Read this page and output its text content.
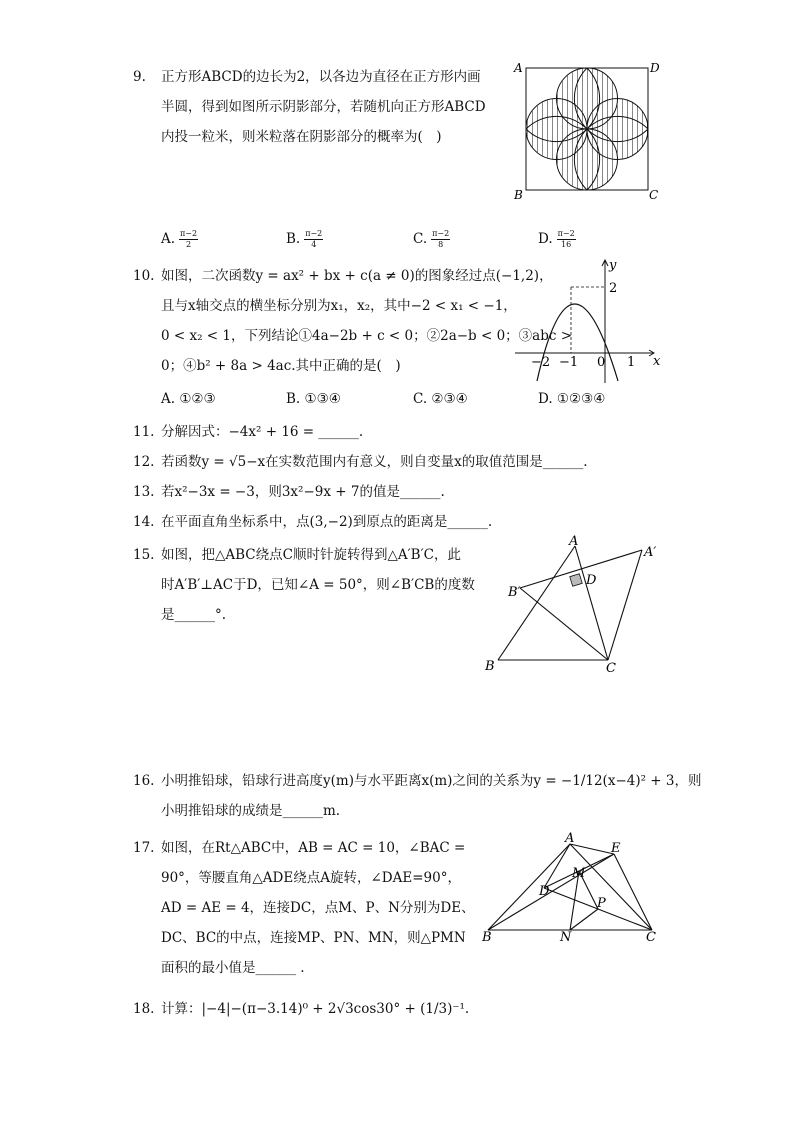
9.	正方形ABCD的边长为2，以各边为直径在正方形内画
半圆，得到如图所示阴影部分，若随机向正方形ABCD
内投一粒米，则米粒落在阴影部分的概率为(　)
A. $\frac{\pi-2}{2}$	B. $\frac{\pi-2}{4}$	C. $\frac{\pi-2}{8}$	D. $\frac{\pi-2}{16}$
A	D
B	C
10. 如图，二次函数y = ax² + bx + c(a ≠ 0)的图象经过点(−1,2)，
且与x轴交点的横坐标分别为x₁，x₂，其中−2 < x₁ < −1，
0 < x₂ < 1，下列结论①4a−2b + c < 0；②2a−b < 0；③abc >
0；④b² + 8a > 4ac.其中正确的是(　)
A. ①②③	B. ①③④	C. ②③④	D. ①②③④
y
x
2
−2 −1 0 1
11. 分解因式：−4x² + 16 = ______.
12. 若函数y = √5−x在实数范围内有意义，则自变量x的取值范围是______.
13. 若x²−3x = −3，则3x²−9x + 7的值是______.
14. 在平面直角坐标系中，点(3,−2)到原点的距离是______.
15. 如图，把△ABC绕点C顺时针旋转得到△A′B′C，此
时A′B′⊥AC于D，已知∠A = 50°，则∠B′CB的度数
是______°.
A
A′
B′
D
B	C
16. 小明推铅球，铅球行进高度y(m)与水平距离x(m)之间的关系为y = −1/12(x−4)² + 3，则
小明推铅球的成绩是______m.
17. 如图，在Rt△ABC中，AB = AC = 10，∠BAC =
90°，等腰直角△ADE绕点A旋转，∠DAE=90°，
AD = AE = 4，连接DC，点M、P、N分别为DE、
DC、BC的中点，连接MP、PN、MN，则△PMN
面积的最小值是______ .
A
E
M
D
P
B	N	C
18. 计算：|−4|−(π−3.14)⁰ + 2√3cos30° + (1/3)⁻¹.
